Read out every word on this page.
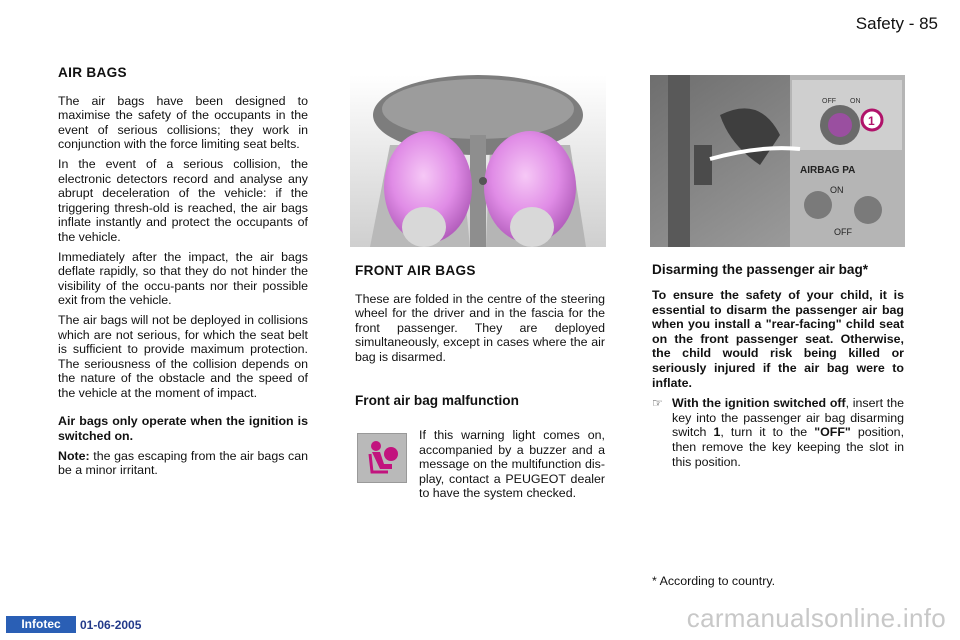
Safety - 85

AIR BAGS

The air bags have been designed to maximise the safety of the occupants in the event of serious collisions; they work in conjunction with the force limiting seat belts.

In the event of a serious collision, the electronic detectors record and analyse any abrupt deceleration of the vehicle: if the triggering thresh-old is reached, the air bags inflate instantly and protect the occupants of the vehicle.

Immediately after the impact, the air bags deflate rapidly, so that they do not hinder the visibility of the occu-pants nor their possible exit from the vehicle.

The air bags will not be deployed in collisions which are not serious, for which the seat belt is sufficient to provide maximum protection. The seriousness of the collision depends on the nature of the obstacle and the speed of the vehicle at the moment of impact.

Air bags only operate when the ignition is switched on.

Note: the gas escaping from the air bags can be a minor irritant.

1
OFF ON
AIRBAG PA
ON
OFF

FRONT AIR BAGS

These are folded in the centre of the steering wheel for the driver and in the fascia for the front passenger. They are deployed simultaneously, except in cases where the air bag is disarmed.

Front air bag malfunction

If this warning light comes on, accompanied by a buzzer and a message on the multifunction dis-play, contact a PEUGEOT dealer to have the system checked.

Disarming the passenger air bag*

To ensure the safety of your child, it is essential to disarm the passenger air bag when you install a "rear-facing" child seat on the front passenger seat. Otherwise, the child would risk being killed or seriously injured if the air bag were to inflate.

☞ With the ignition switched off, insert the key into the passenger air bag disarming switch 1, turn it to the "OFF" position, then remove the key keeping the slot in this position.
* According to country.
Infotec	01-06-2005	carmanualsonline.info
